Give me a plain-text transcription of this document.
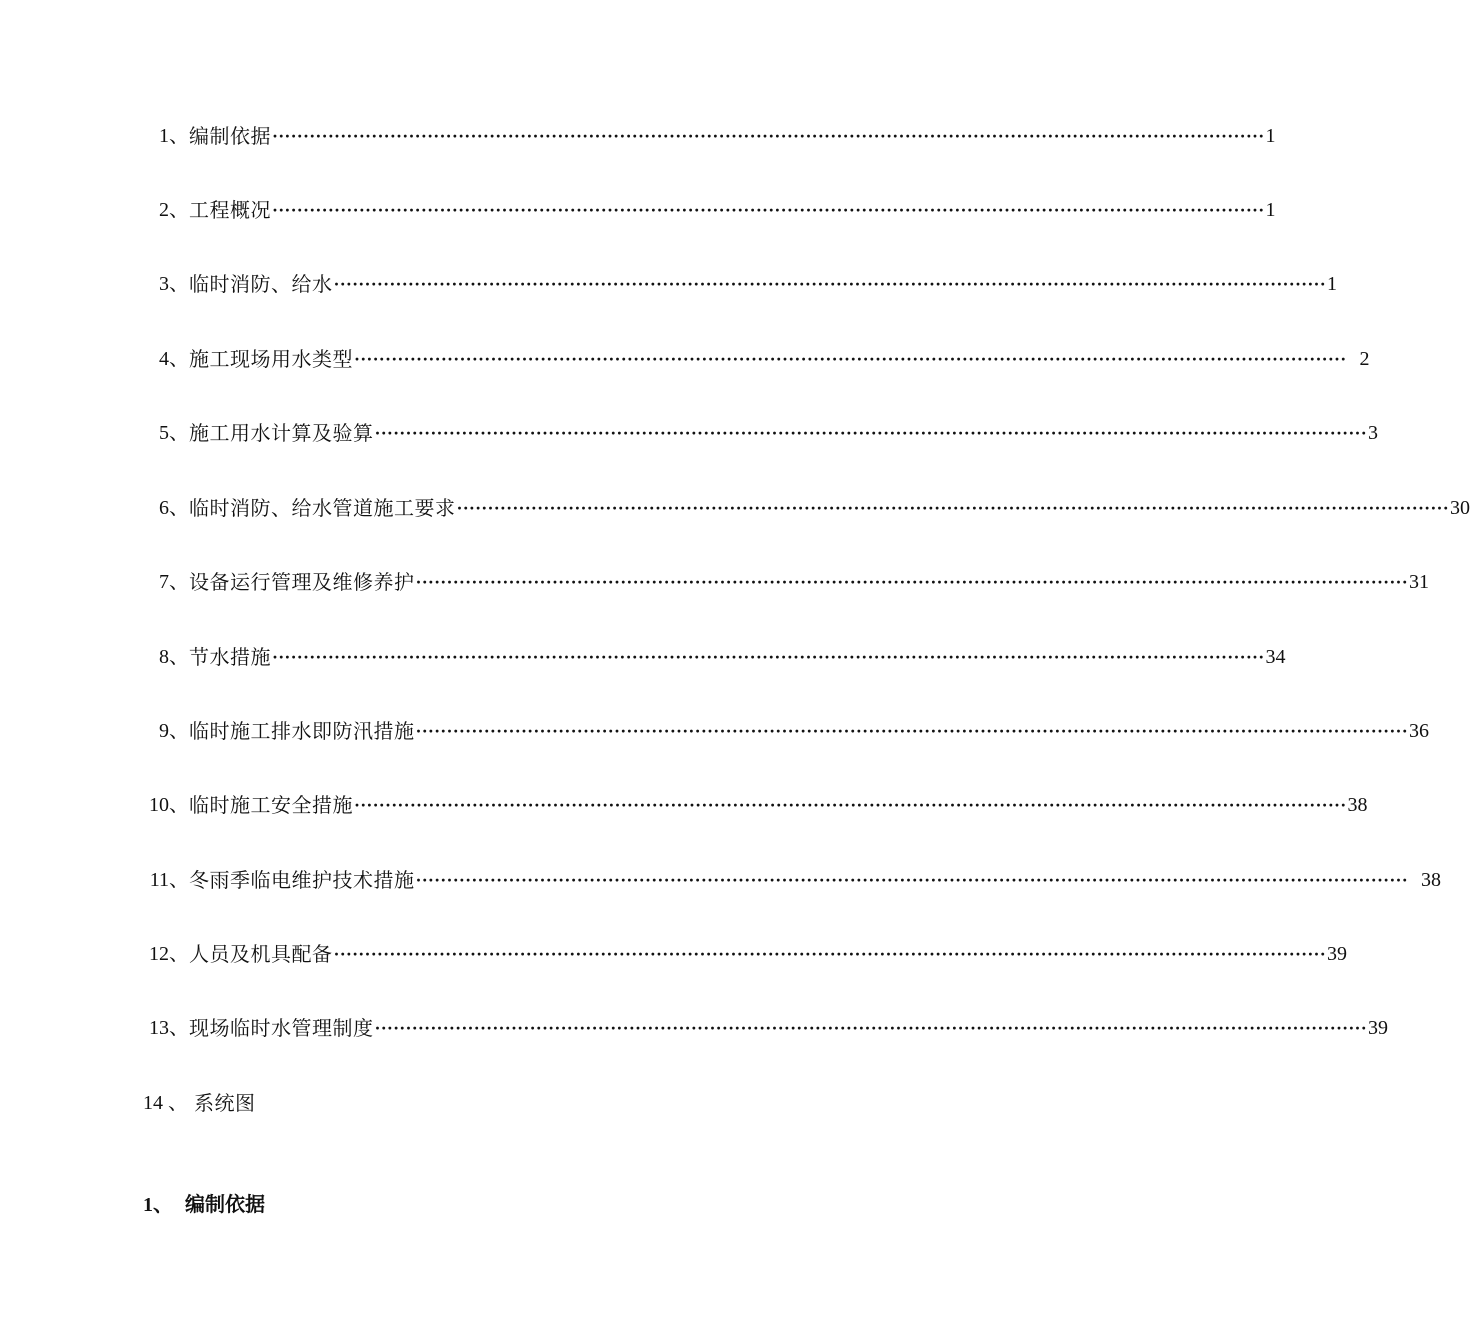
1、 编制依据 ································································································································································ 1
2、 工程概况 ································································································································································ 1
3、 临时消防、给水 ································································································································································ 1
4、 施工现场用水类型 ································································································································································ 2
5、 施工用水计算及验算 ································································································································································ 3
6、 临时消防、给水管道施工要求 ································································································································································ 30
7、 设备运行管理及维修养护 ································································································································································ 31
8、 节水措施 ································································································································································ 34
9、 临时施工排水即防汛措施 ································································································································································ 36
10、 临时施工安全措施 ································································································································································ 38
11、 冬雨季临电维护技术措施 ································································································································································ 38
12、 人员及机具配备 ································································································································································ 39
13、 现场临时水管理制度 ································································································································································ 39
14 、 系统图
1、 编制依据
